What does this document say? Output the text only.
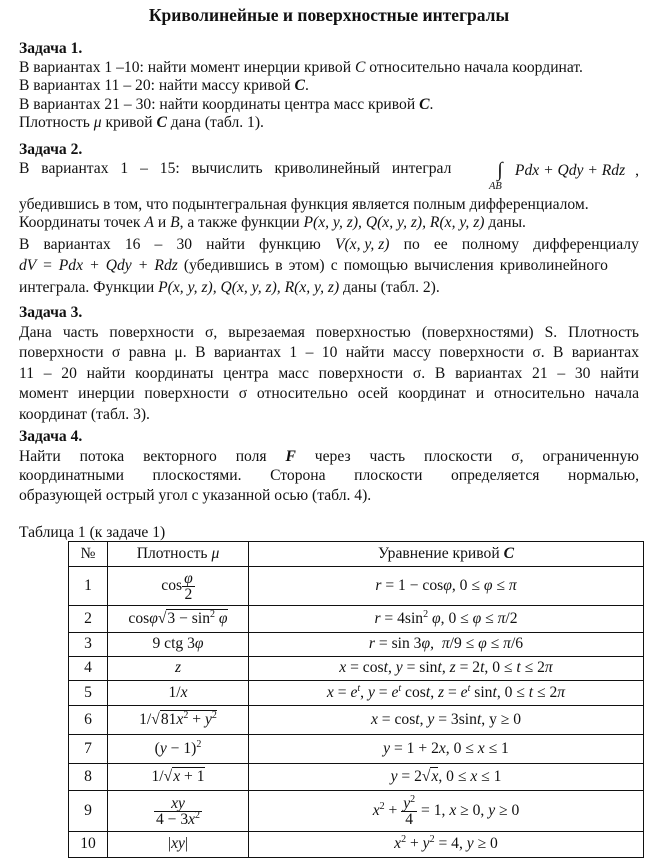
Криволинейные и поверхностные интегралы
Задача 1.
В вариантах 1 –10: найти момент инерции кривой C относительно начала координат.
В вариантах 11 – 20: найти массу кривой C.
В вариантах 21 – 30: найти координаты центра масс кривой C.
Плотность μ кривой C дана (табл. 1).
Задача 2.
В вариантах 1 – 15: вычислить криволинейный интеграл	∫
AB
Pdx + Qdy + Rdz ,
убедившись в том, что подынтегральная функция является полным дифференциалом.
Координаты точек A и B, а также функции P(x, y, z), Q(x, y, z), R(x, y, z) даны.
В вариантах 16 – 30 найти функцию V(x, y, z) по ее полному дифференциалу
dV = Pdx + Qdy + Rdz (убедившись в этом) с помощью вычисления криволинейного
интеграла. Функции P(x, y, z), Q(x, y, z), R(x, y, z) даны (табл. 2).
Задача 3.
Дана часть поверхности σ, вырезаемая поверхностью (поверхностями) S. Плотность
поверхности σ равна μ. В вариантах 1 – 10 найти массу поверхности σ. В вариантах
11 – 20 найти координаты центра масс поверхности σ. В вариантах 21 – 30 найти
момент инерции поверхности σ относительно осей координат и относительно начала
координат (табл. 3).
Задача 4.
Найти потока векторного поля F через часть плоскости σ, ограниченную
координатными плоскостями. Сторона плоскости определяется нормалью,
образующей острый угол с указанной осью (табл. 4).
Таблица 1 (к задаче 1)
№	Плотность μ	Уравнение кривой C
1	$\cos \frac{\varphi}{2}$	r = 1 − cosφ, 0 ≤ φ ≤ π
2	$\cos\varphi√3 - \sin^2 \varphi$	$r = 4\sin^2$ φ, 0 ≤ φ ≤ π/2
3	9 ctg 3φ	r = sin 3φ,  π/9 ≤ φ ≤ π/6
4	z	x = cost, y = sint, z = 2t, 0 ≤ t ≤ 2π
5	1/x	$x = e^t$, $y = e^t$ cost, $z = e^t$ sint, 0 ≤ t ≤ 2π
6	$1/√81x^2 + y^2$	x = cost, y = 3sint, y ≥ 0
7	$(y - 1)^2$	y = 1 + 2x, 0 ≤ x ≤ 1
8	1/√x + 1	y = 2√x, 0 ≤ x ≤ 1
9	$\frac{xy}{4 - 3x^2}$	$x^2 + \frac{y^2}{4} = 1$, x ≥ 0, y ≥ 0
10	|xy|	$x^2 + y^2 = 4$, y ≥ 0
